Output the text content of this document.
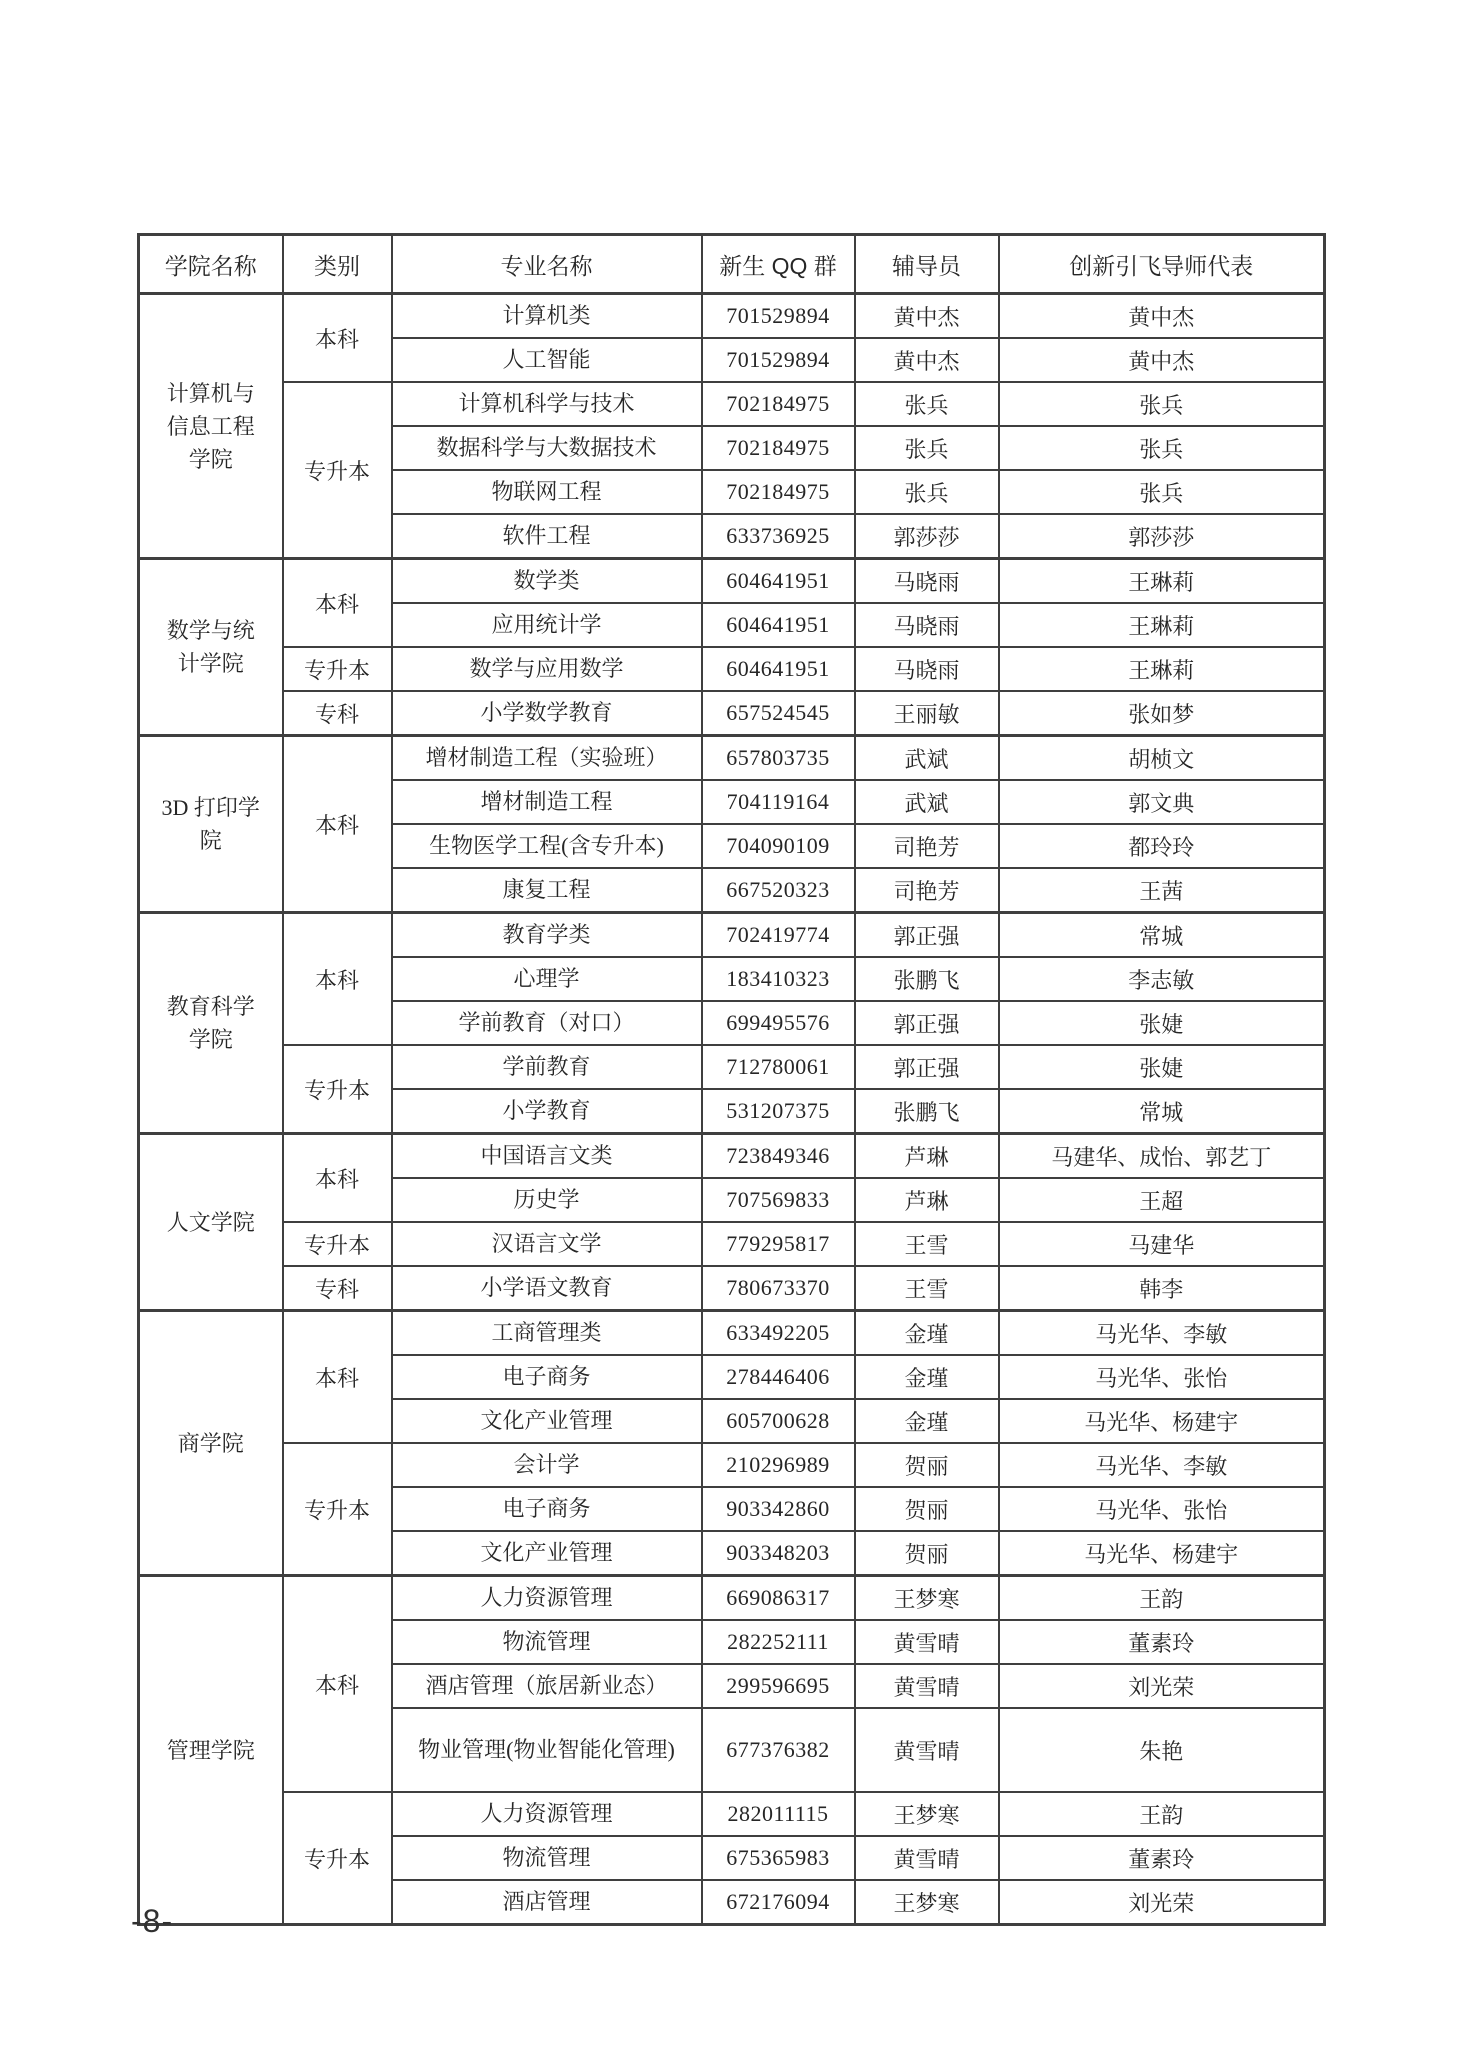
学院名称	类别	专业名称	新生 QQ 群	辅导员	创新引飞导师代表
计算机与信息工程学院	本科	计算机类	701529894	黄中杰	黄中杰
		人工智能	701529894	黄中杰	黄中杰
	专升本	计算机科学与技术	702184975	张兵	张兵
		数据科学与大数据技术	702184975	张兵	张兵
		物联网工程	702184975	张兵	张兵
		软件工程	633736925	郭莎莎	郭莎莎
数学与统计学院	本科	数学类	604641951	马晓雨	王琳莉
		应用统计学	604641951	马晓雨	王琳莉
	专升本	数学与应用数学	604641951	马晓雨	王琳莉
	专科	小学数学教育	657524545	王丽敏	张如梦
3D 打印学院	本科	增材制造工程（实验班）	657803735	武斌	胡桢文
		增材制造工程	704119164	武斌	郭文典
		生物医学工程(含专升本)	704090109	司艳芳	都玲玲
		康复工程	667520323	司艳芳	王茜
教育科学学院	本科	教育学类	702419774	郭正强	常城
		心理学	183410323	张鹏飞	李志敏
		学前教育（对口）	699495576	郭正强	张婕
	专升本	学前教育	712780061	郭正强	张婕
		小学教育	531207375	张鹏飞	常城
人文学院	本科	中国语言文类	723849346	芦琳	马建华、成怡、郭艺丁
		历史学	707569833	芦琳	王超
	专升本	汉语言文学	779295817	王雪	马建华
	专科	小学语文教育	780673370	王雪	韩李
商学院	本科	工商管理类	633492205	金瑾	马光华、李敏
		电子商务	278446406	金瑾	马光华、张怡
		文化产业管理	605700628	金瑾	马光华、杨建宇
	专升本	会计学	210296989	贺丽	马光华、李敏
		电子商务	903342860	贺丽	马光华、张怡
		文化产业管理	903348203	贺丽	马光华、杨建宇
管理学院	本科	人力资源管理	669086317	王梦寒	王韵
		物流管理	282252111	黄雪晴	董素玲
		酒店管理（旅居新业态）	299596695	黄雪晴	刘光荣
		物业管理(物业智能化管理)	677376382	黄雪晴	朱艳
	专升本	人力资源管理	282011115	王梦寒	王韵
		物流管理	675365983	黄雪晴	董素玲
		酒店管理	672176094	王梦寒	刘光荣
-8-
